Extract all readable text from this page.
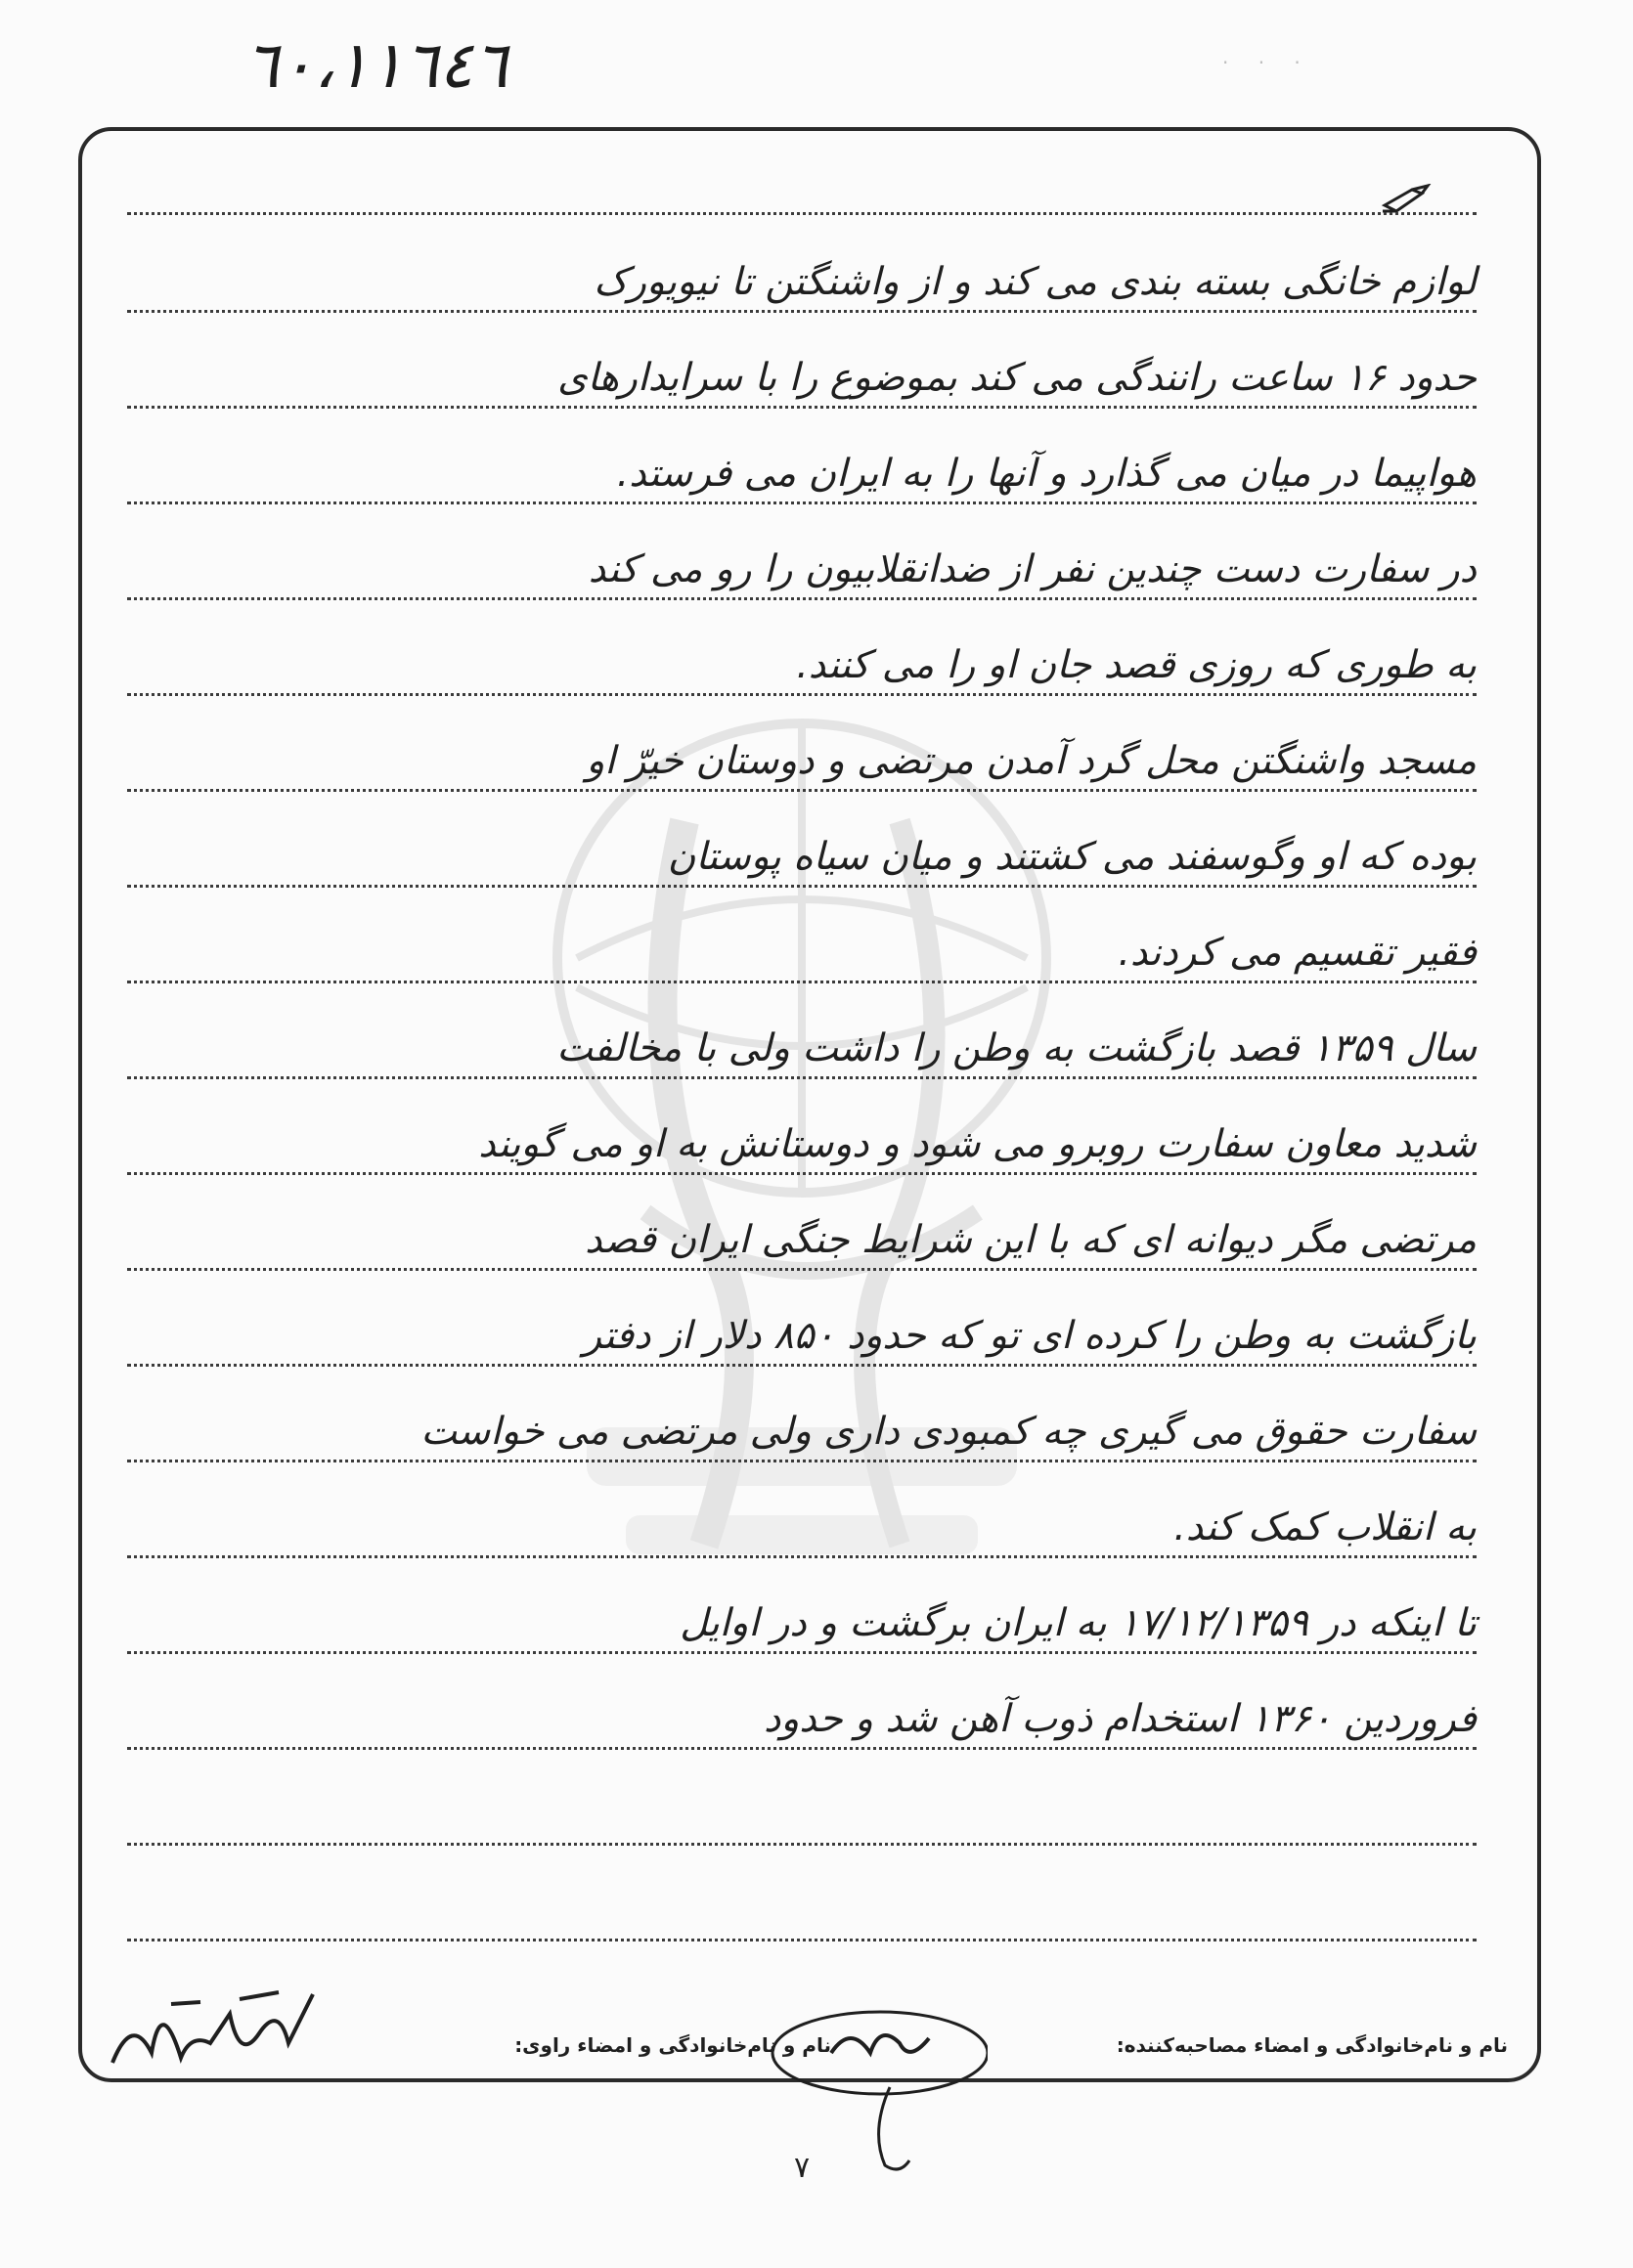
٦٠،١١٦٤٦	· · ·
لوازم خانگی بسته بندی می کند و از واشنگتن تا نیویورک
حدود ۱۶ ساعت رانندگی می کند بموضوع را با سرایدارهای
هواپیما در میان می گذارد و آنها را به ایران می فرستد.
در سفارت دست چندین نفر از ضدانقلابیون را رو می کند
به طوری که روزی قصد جان او را می کنند.
مسجد واشنگتن محل گرد آمدن مرتضی و دوستان خیرّ او
بوده که او وگوسفند می کشتند و میان سیاه پوستان
فقیر تقسیم می کردند.
سال ۱۳۵۹ قصد بازگشت به وطن را داشت ولی با مخالفت
شدید معاون سفارت روبرو می شود و دوستانش به او می گویند
مرتضی مگر دیوانه ای که با این شرایط جنگی ایران قصد
بازگشت به وطن را کرده ای تو که حدود ۸۵۰ دلار از دفتر
سفارت حقوق می گیری چه کمبودی داری ولی مرتضی می خواست
به انقلاب کمک کند.
تا اینکه در ۱۷/۱۲/۱۳۵۹ به ایران برگشت و در اوایل
فروردین ۱۳۶۰ استخدام ذوب آهن شد و حدود
نام و نام‌خانوادگی و امضاء مصاحبه‌کننده:
نام و نام‌خانوادگی و امضاء راوی:
۷
